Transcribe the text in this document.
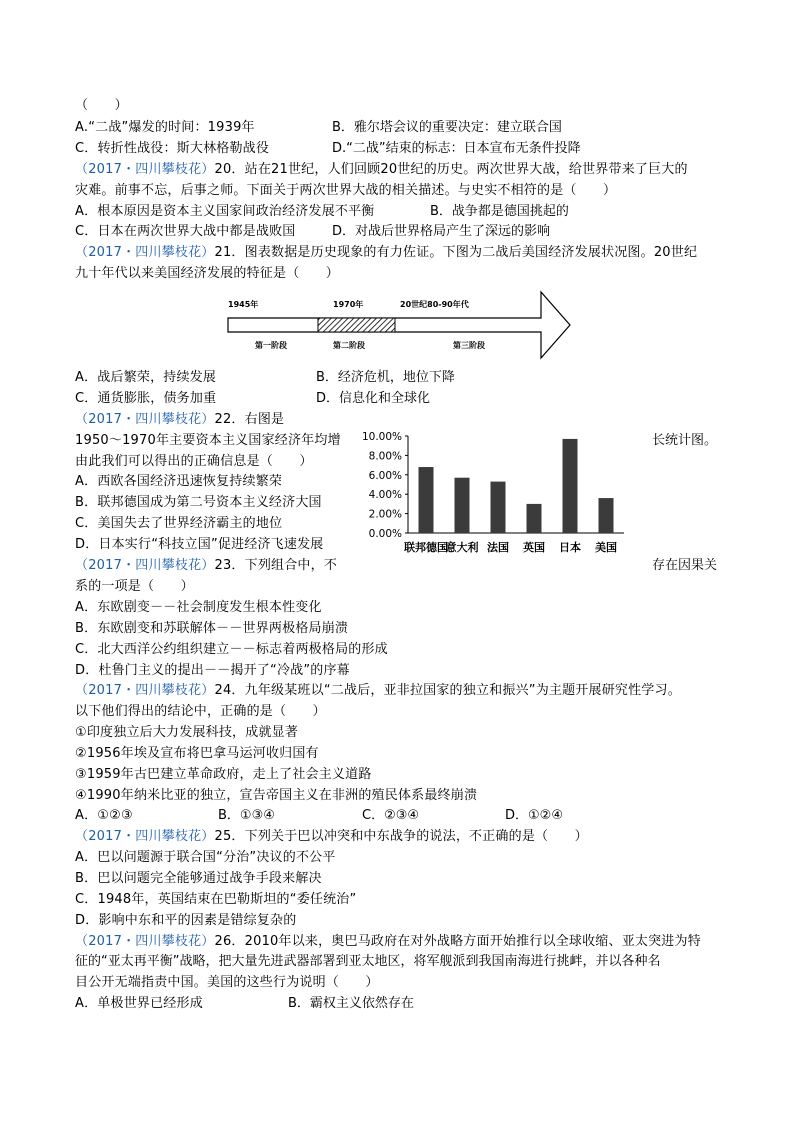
（　　）
A.“二战”爆发的时间：1939年	B．雅尔塔会议的重要决定：建立联合国
C．转折性战役：斯大林格勒战役	D.“二战”结束的标志：日本宣布无条件投降
（2017・四川攀枝花）20．站在21世纪，人们回顾20世纪的历史。两次世界大战，给世界带来了巨大的
灾难。前事不忘，后事之师。下面关于两次世界大战的相关描述。与史实不相符的是（　　）
A．根本原因是资本主义国家间政治经济发展不平衡	B．战争都是德国挑起的
C．日本在两次世界大战中都是战败国	D．对战后世界格局产生了深远的影响
（2017・四川攀枝花）21．图表数据是历史现象的有力佐证。下图为二战后美国经济发展状况图。20世纪
九十年代以来美国经济发展的特征是（　　）
1945年	1970年	20世纪80-90年代
第一阶段	第二阶段	第三阶段
A．战后繁荣，持续发展	B．经济危机，地位下降
C．通货膨胀，债务加重	D．信息化和全球化
（2017・四川攀枝花）22．右图是
1950～1970年主要资本主义国家经济年均增	长统计图。
由此我们可以得出的正确信息是（　　）
A．西欧各国经济迅速恢复持续繁荣
B．联邦德国成为第二号资本主义经济大国
C．美国失去了世界经济霸主的地位
D．日本实行“科技立国”促进经济飞速发展
0.00%
2.00%
4.00%
6.00%
8.00%
10.00%
联邦德国
意大利 法国 英国 日本 美国
（2017・四川攀枝花）23．下列组合中，不	存在因果关
系的一项是（　　）
A．东欧剧变－－社会制度发生根本性变化
B．东欧剧变和苏联解体－－世界两极格局崩溃
C．北大西洋公约组织建立－－标志着两极格局的形成
D．杜鲁门主义的提出－－揭开了“冷战”的序幕
（2017・四川攀枝花）24．九年级某班以“二战后，亚非拉国家的独立和振兴”为主题开展研究性学习。
以下他们得出的结论中，正确的是（　　）
①印度独立后大力发展科技，成就显著
②1956年埃及宣布将巴拿马运河收归国有
③1959年古巴建立革命政府，走上了社会主义道路
④1990年纳米比亚的独立，宣告帝国主义在非洲的殖民体系最终崩溃
A．①②③	B．①③④	C．②③④	D．①②④
（2017・四川攀枝花）25．下列关于巴以冲突和中东战争的说法，不正确的是（　　）
A．巴以问题源于联合国“分治”决议的不公平
B．巴以问题完全能够通过战争手段来解决
C．1948年，英国结束在巴勒斯坦的“委任统治”
D．影响中东和平的因素是错综复杂的
（2017・四川攀枝花）26．2010年以来，奥巴马政府在对外战略方面开始推行以全球收缩、亚太突进为特
征的“亚太再平衡”战略，把大量先进武器部署到亚太地区，将军舰派到我国南海进行挑衅，并以各种名
目公开无端指责中国。美国的这些行为说明（　　）
A．单极世界已经形成	B．霸权主义依然存在
